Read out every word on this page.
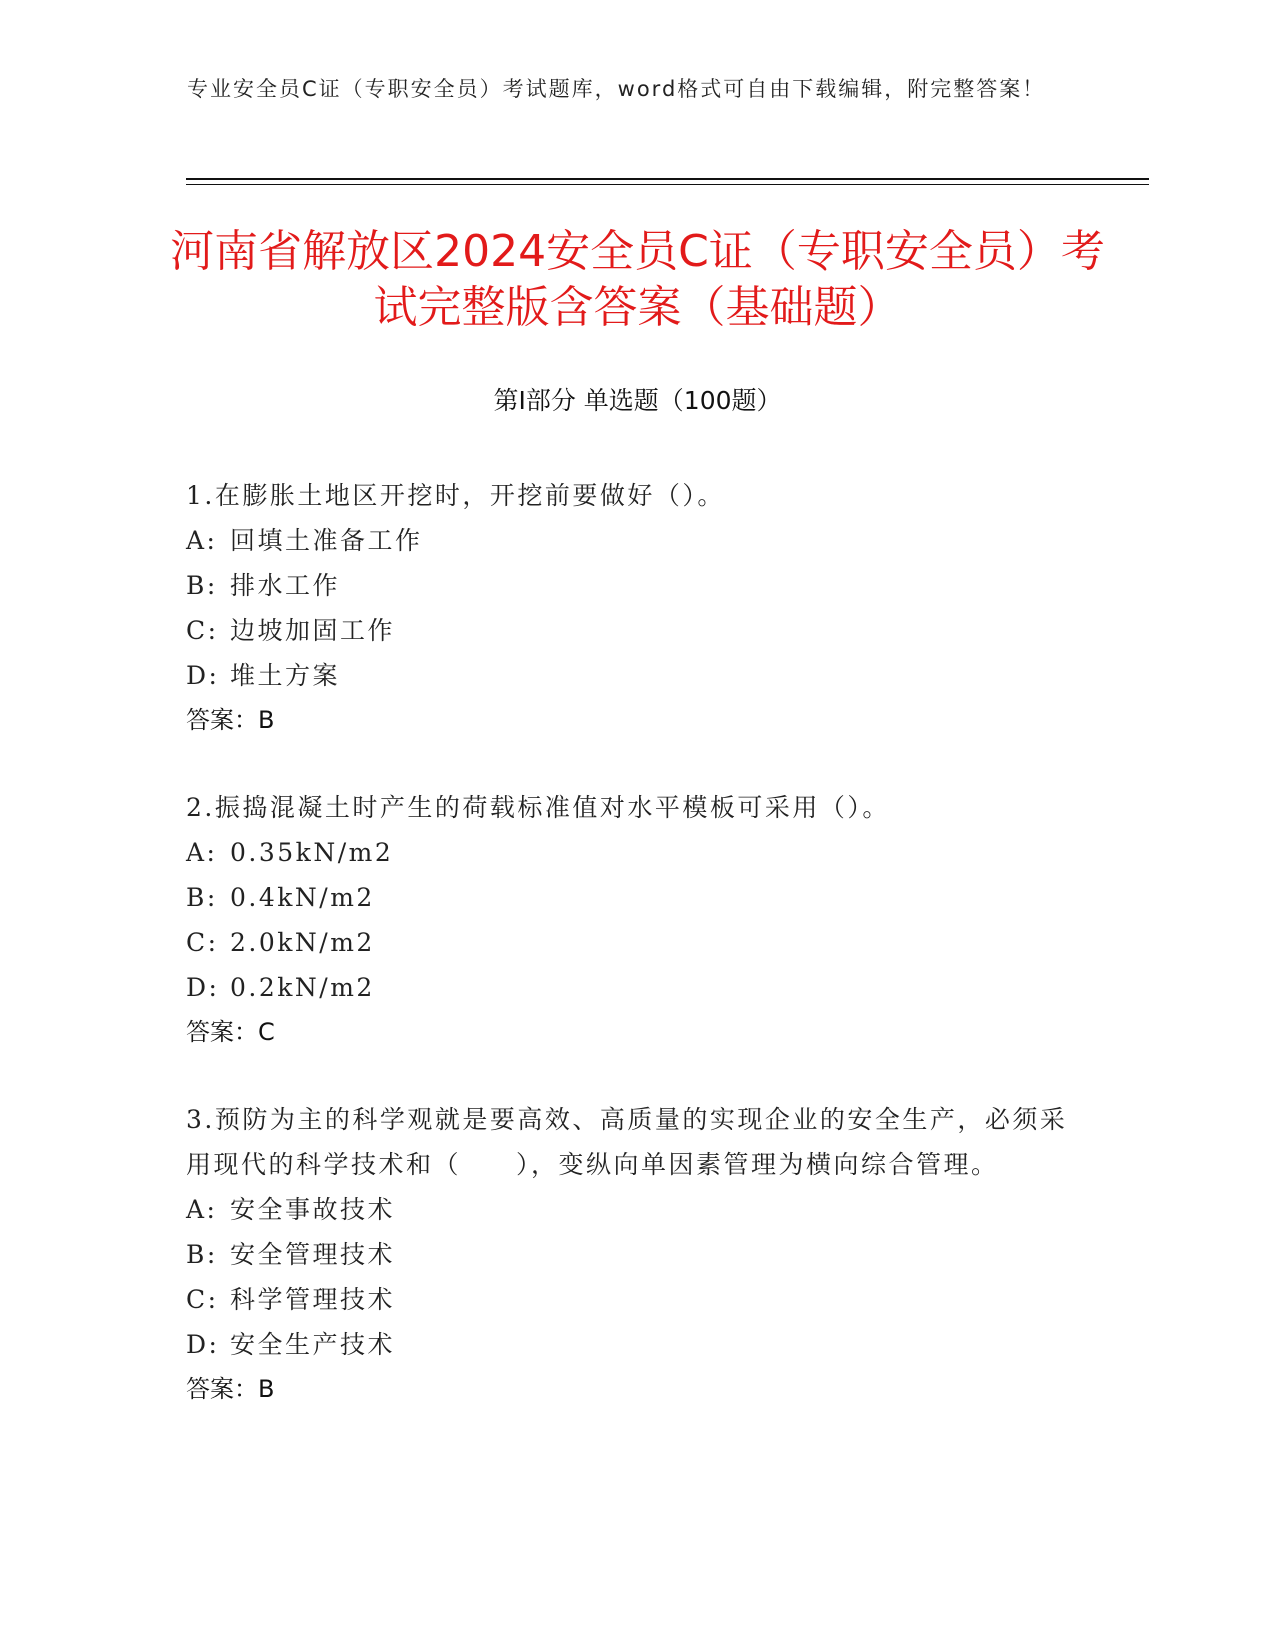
专业安全员C证（专职安全员）考试题库，word格式可自由下载编辑，附完整答案！
河南省解放区2024安全员C证（专职安全员）考试完整版含答案（基础题）
第I部分 单选题（100题）
1.在膨胀土地区开挖时，开挖前要做好（）。
A: 回填土准备工作
B: 排水工作
C: 边坡加固工作
D: 堆土方案
答案：B
2.振捣混凝土时产生的荷载标准值对水平模板可采用（）。
A: 0.35kN/m2
B: 0.4kN/m2
C: 2.0kN/m2
D: 0.2kN/m2
答案：C
3.预防为主的科学观就是要高效、高质量的实现企业的安全生产，必须采用现代的科学技术和（　　），变纵向单因素管理为横向综合管理。
A: 安全事故技术
B: 安全管理技术
C: 科学管理技术
D: 安全生产技术
答案：B
